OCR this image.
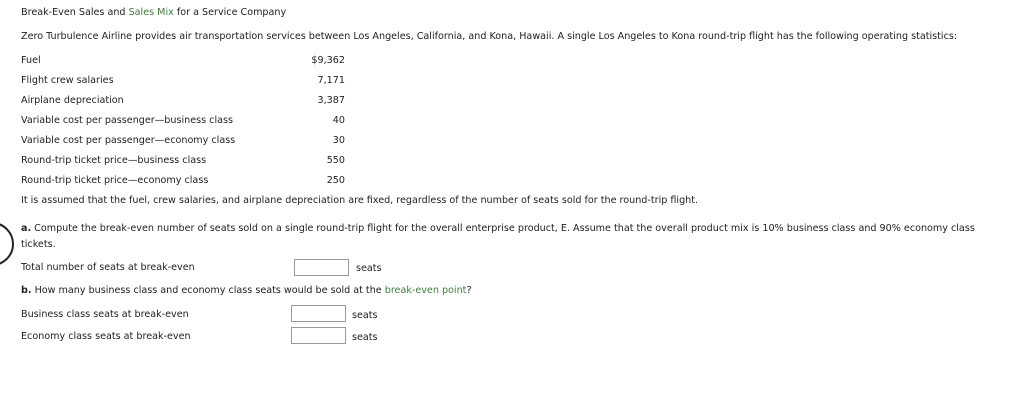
Break-Even Sales and Sales Mix for a Service Company
Zero Turbulence Airline provides air transportation services between Los Angeles, California, and Kona, Hawaii. A single Los Angeles to Kona round-trip flight has the following operating statistics:
Fuel	$9,362
Flight crew salaries	7,171
Airplane depreciation	3,387
Variable cost per passenger—business class	40
Variable cost per passenger—economy class	30
Round-trip ticket price—business class	550
Round-trip ticket price—economy class	250
It is assumed that the fuel, crew salaries, and airplane depreciation are fixed, regardless of the number of seats sold for the round-trip flight.
a. Compute the break-even number of seats sold on a single round-trip flight for the overall enterprise product, E. Assume that the overall product mix is 10% business class and 90% economy class tickets.
Total number of seats at break-even	seats
b. How many business class and economy class seats would be sold at the break-even point?
Business class seats at break-even	seats
Economy class seats at break-even	seats
